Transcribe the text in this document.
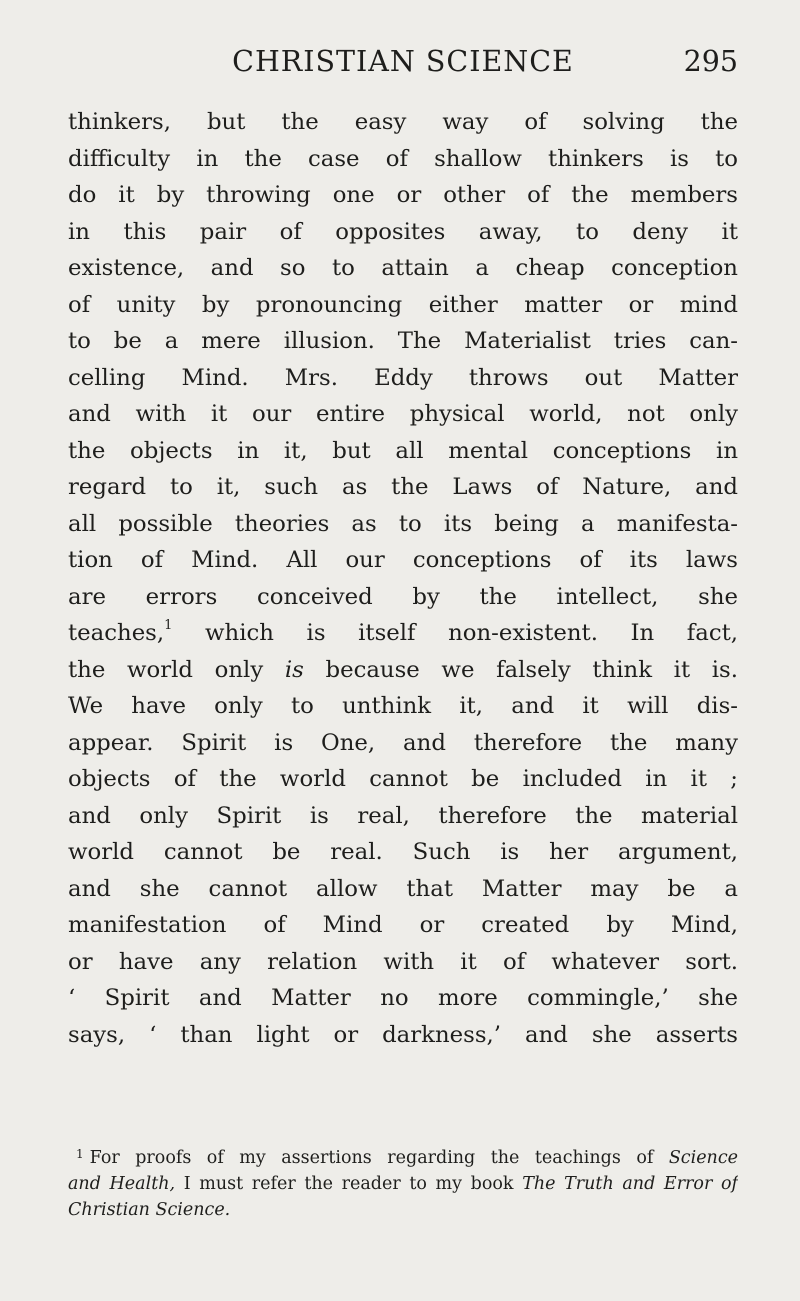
CHRISTIAN SCIENCE	295
thinkers, but the easy way of solving the
difficulty in the case of shallow thinkers is to
do it by throwing one or other of the members
in this pair of opposites away, to deny it
existence, and so to attain a cheap conception
of unity by pronouncing either matter or mind
to be a mere illusion. The Materialist tries can-
celling Mind. Mrs. Eddy throws out Matter
and with it our entire physical world, not only
the objects in it, but all mental conceptions in
regard to it, such as the Laws of Nature, and
all possible theories as to its being a manifesta-
tion of Mind. All our conceptions of its laws
are errors conceived by the intellect, she
teaches,$^1$ which is itself non-existent. In fact,
the world only is because we falsely think it is.
We have only to unthink it, and it will dis-
appear. Spirit is One, and therefore the many
objects of the world cannot be included in it ;
and only Spirit is real, therefore the material
world cannot be real. Such is her argument,
and she cannot allow that Matter may be a
manifestation of Mind or created by Mind,
or have any relation with it of whatever sort.
‘ Spirit and Matter no more commingle,’ she
says, ‘ than light or darkness,’ and she asserts
$^1$ For proofs of my assertions regarding the teachings of Science
and Health, I must refer the reader to my book The Truth and Error of
Christian Science.
